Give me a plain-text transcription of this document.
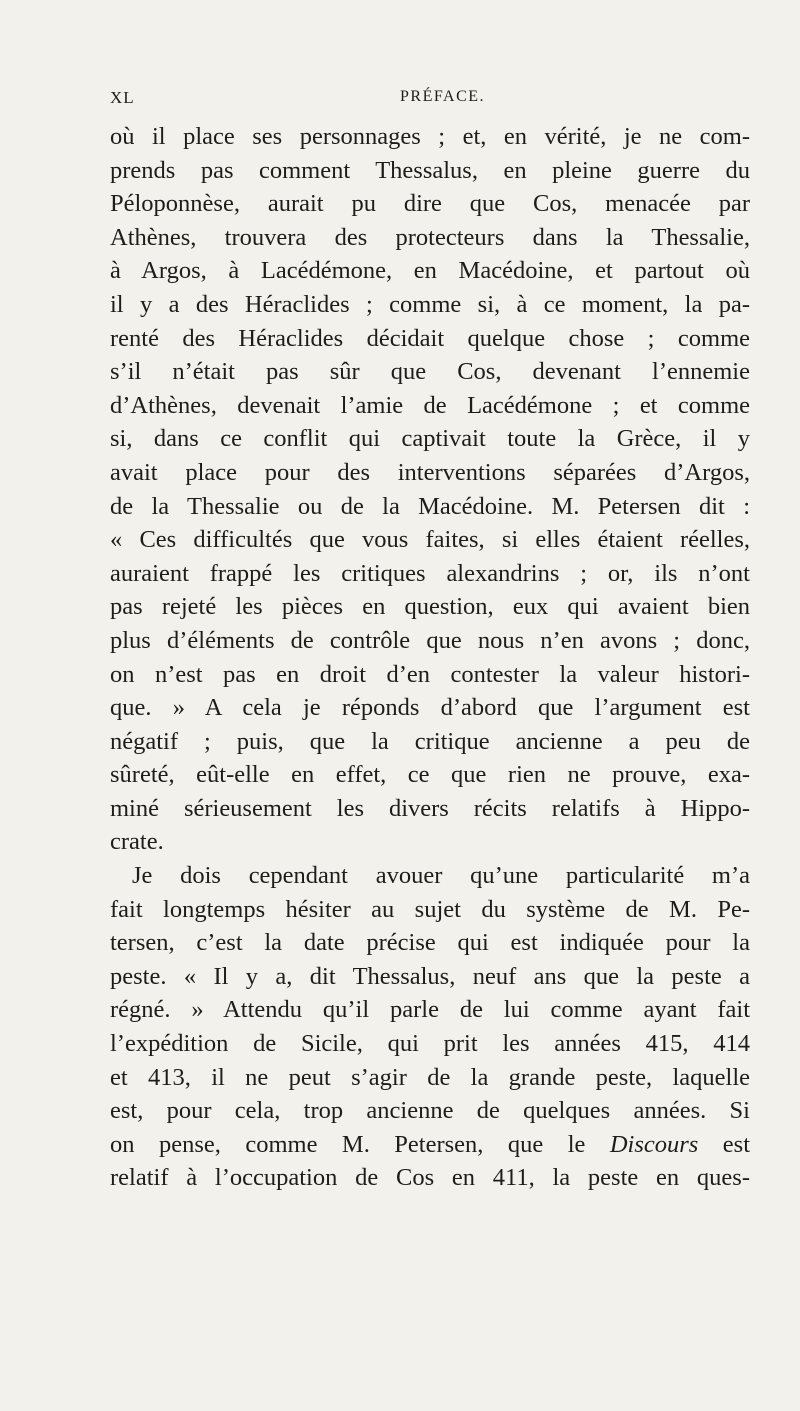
XL	PRÉFACE.
où il place ses personnages ; et, en vérité, je ne com-
prends pas comment Thessalus, en pleine guerre du
Péloponnèse, aurait pu dire que Cos, menacée par
Athènes, trouvera des protecteurs dans la Thessalie,
à Argos, à Lacédémone, en Macédoine, et partout où
il y a des Héraclides ; comme si, à ce moment, la pa-
renté des Héraclides décidait quelque chose ; comme
s’il n’était pas sûr que Cos, devenant l’ennemie
d’Athènes, devenait l’amie de Lacédémone ; et comme
si, dans ce conflit qui captivait toute la Grèce, il y
avait place pour des interventions séparées d’Argos,
de la Thessalie ou de la Macédoine. M. Petersen dit :
« Ces difficultés que vous faites, si elles étaient réelles,
auraient frappé les critiques alexandrins ; or, ils n’ont
pas rejeté les pièces en question, eux qui avaient bien
plus d’éléments de contrôle que nous n’en avons ; donc,
on n’est pas en droit d’en contester la valeur histori-
que. » A cela je réponds d’abord que l’argument est
négatif ; puis, que la critique ancienne a peu de
sûreté, eût-elle en effet, ce que rien ne prouve, exa-
miné sérieusement les divers récits relatifs à Hippo-
crate.
Je dois cependant avouer qu’une particularité m’a
fait longtemps hésiter au sujet du système de M. Pe-
tersen, c’est la date précise qui est indiquée pour la
peste. « Il y a, dit Thessalus, neuf ans que la peste a
régné. » Attendu qu’il parle de lui comme ayant fait
l’expédition de Sicile, qui prit les années 415, 414
et 413, il ne peut s’agir de la grande peste, laquelle
est, pour cela, trop ancienne de quelques années. Si
on pense, comme M. Petersen, que le Discours est
relatif à l’occupation de Cos en 411, la peste en ques-
